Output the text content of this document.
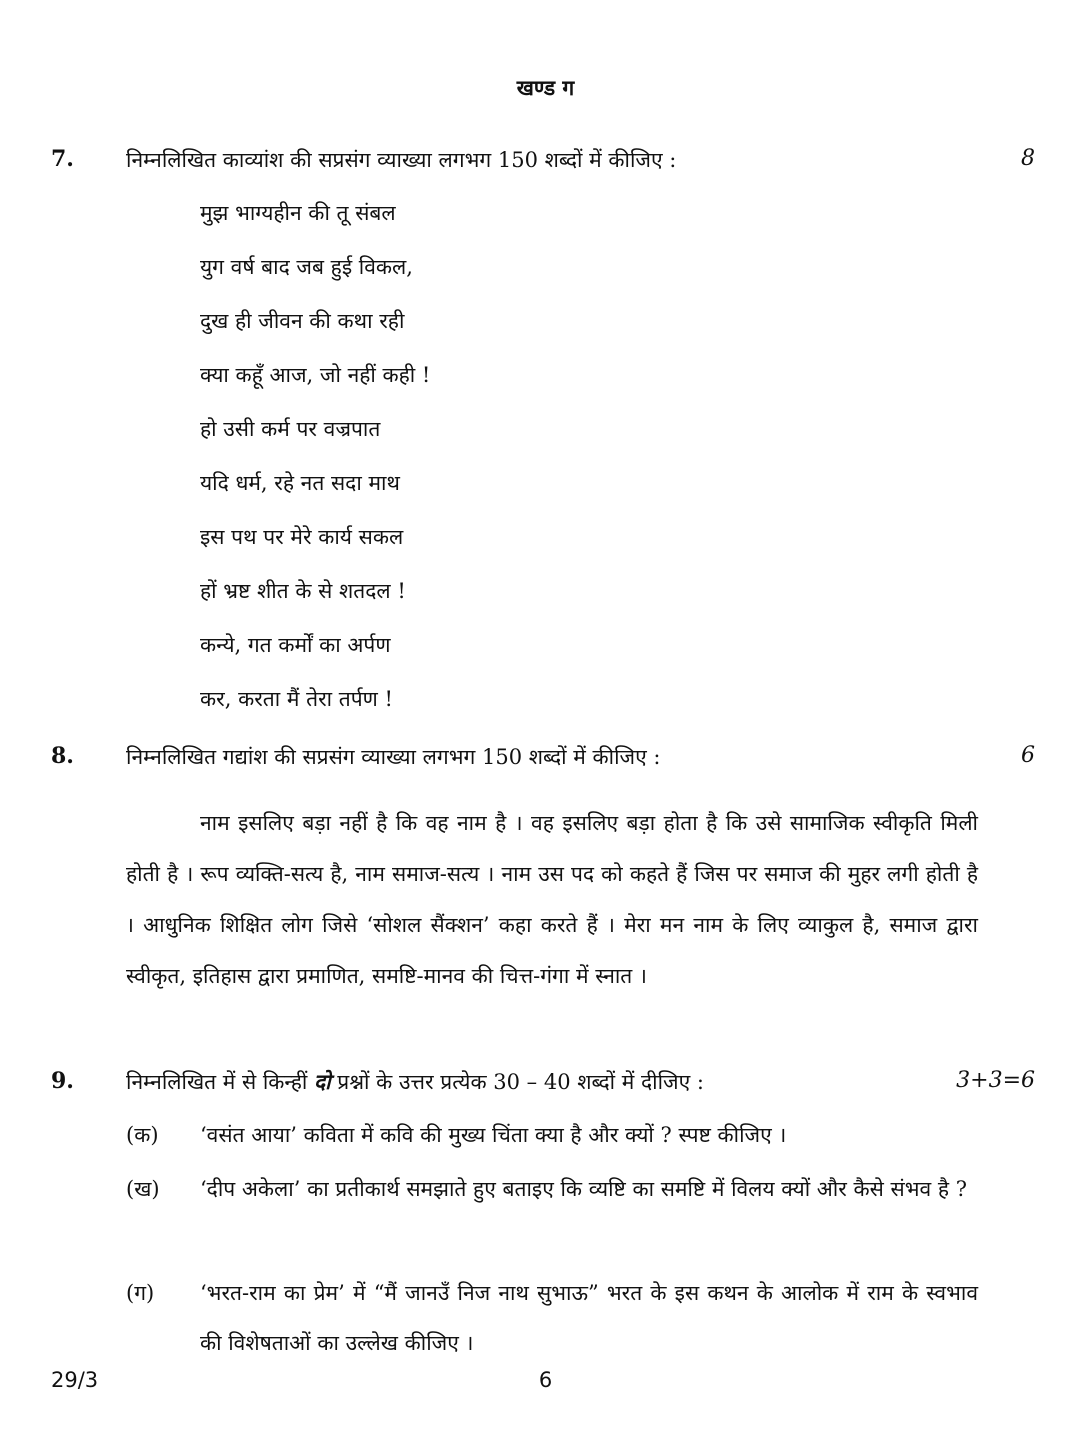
खण्ड ग
7. निम्नलिखित काव्यांश की सप्रसंग व्याख्या लगभग 150 शब्दों में कीजिए :	8
मुझ भाग्यहीन की तू संबल
युग वर्ष बाद जब हुई विकल,
दुख ही जीवन की कथा रही
क्या कहूँ आज, जो नहीं कही !
हो उसी कर्म पर वज्रपात
यदि धर्म, रहे नत सदा माथ
इस पथ पर मेरे कार्य सकल
हों भ्रष्ट शीत के से शतदल !
कन्ये, गत कर्मों का अर्पण
कर, करता मैं तेरा तर्पण !
8. निम्नलिखित गद्यांश की सप्रसंग व्याख्या लगभग 150 शब्दों में कीजिए :	6

नाम इसलिए बड़ा नहीं है कि वह नाम है । वह इसलिए बड़ा होता है कि उसे सामाजिक स्वीकृति मिली होती है । रूप व्यक्ति-सत्य है, नाम समाज-सत्य । नाम उस पद को कहते हैं जिस पर समाज की मुहर लगी होती है । आधुनिक शिक्षित लोग जिसे ‘सोशल सैंक्शन’ कहा करते हैं । मेरा मन नाम के लिए व्याकुल है, समाज द्वारा स्वीकृत, इतिहास द्वारा प्रमाणित, समष्टि-मानव की चित्त-गंगा में स्नात ।

9. निम्नलिखित में से किन्हीं दो प्रश्नों के उत्तर प्रत्येक 30 – 40 शब्दों में दीजिए :	3+3=6
(क) ‘वसंत आया’ कविता में कवि की मुख्य चिंता क्या है और क्यों ? स्पष्ट कीजिए ।
(ख) ‘दीप अकेला’ का प्रतीकार्थ समझाते हुए बताइए कि व्यष्टि का समष्टि में विलय क्यों और कैसे संभव है ?
(ग) ‘भरत-राम का प्रेम’ में “मैं जानउँ निज नाथ सुभाऊ” भरत के इस कथन के आलोक में राम के स्वभाव की विशेषताओं का उल्लेख कीजिए ।
29/3	6
